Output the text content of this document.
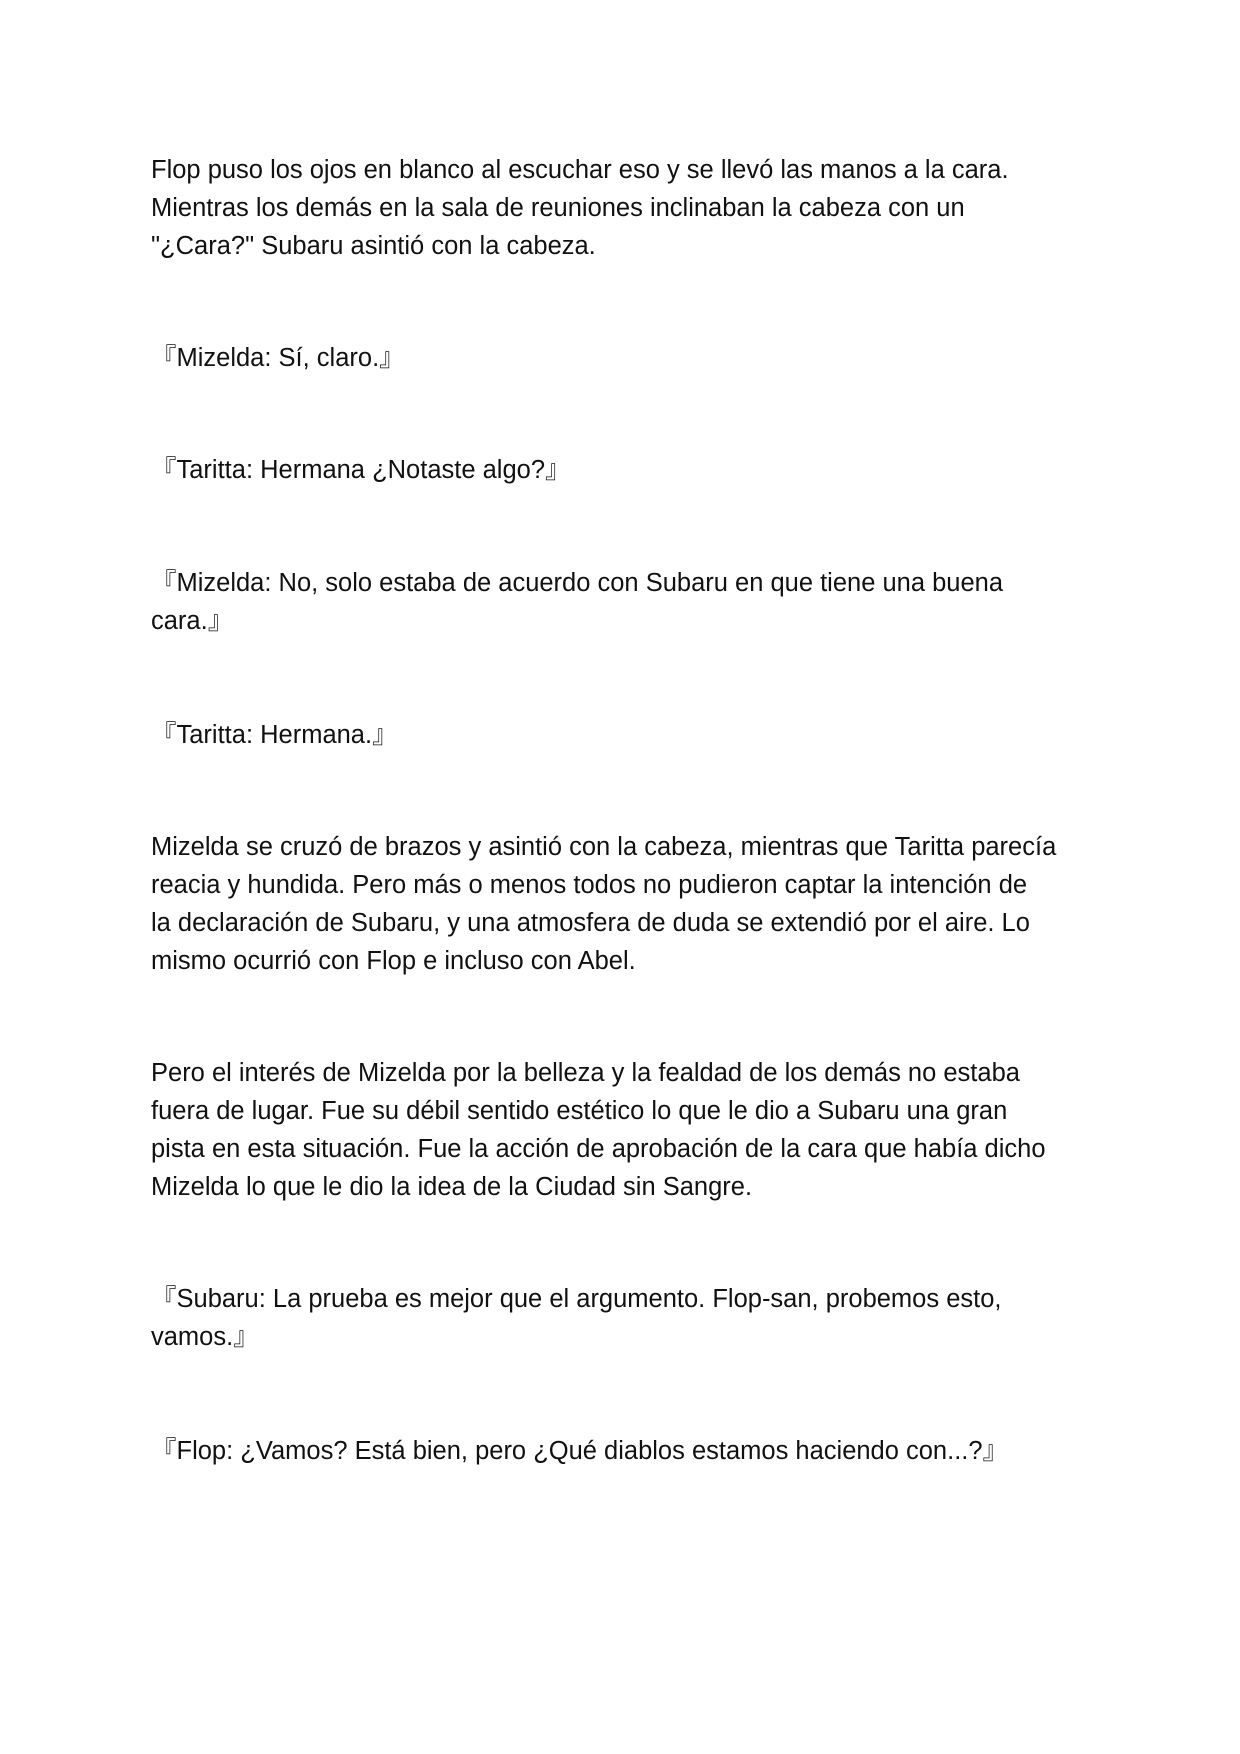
Flop puso los ojos en blanco al escuchar eso y se llevó las manos a la cara.
Mientras los demás en la sala de reuniones inclinaban la cabeza con un
"¿Cara?" Subaru asintió con la cabeza.
『Mizelda: Sí, claro.』
『Taritta: Hermana ¿Notaste algo?』
『Mizelda: No, solo estaba de acuerdo con Subaru en que tiene una buena
cara.』
『Taritta: Hermana.』
Mizelda se cruzó de brazos y asintió con la cabeza, mientras que Taritta parecía
reacia y hundida. Pero más o menos todos no pudieron captar la intención de
la declaración de Subaru, y una atmosfera de duda se extendió por el aire. Lo
mismo ocurrió con Flop e incluso con Abel.
Pero el interés de Mizelda por la belleza y la fealdad de los demás no estaba
fuera de lugar. Fue su débil sentido estético lo que le dio a Subaru una gran
pista en esta situación. Fue la acción de aprobación de la cara que había dicho
Mizelda lo que le dio la idea de la Ciudad sin Sangre.
『Subaru: La prueba es mejor que el argumento. Flop-san, probemos esto,
vamos.』
『Flop: ¿Vamos? Está bien, pero ¿Qué diablos estamos haciendo con...?』
